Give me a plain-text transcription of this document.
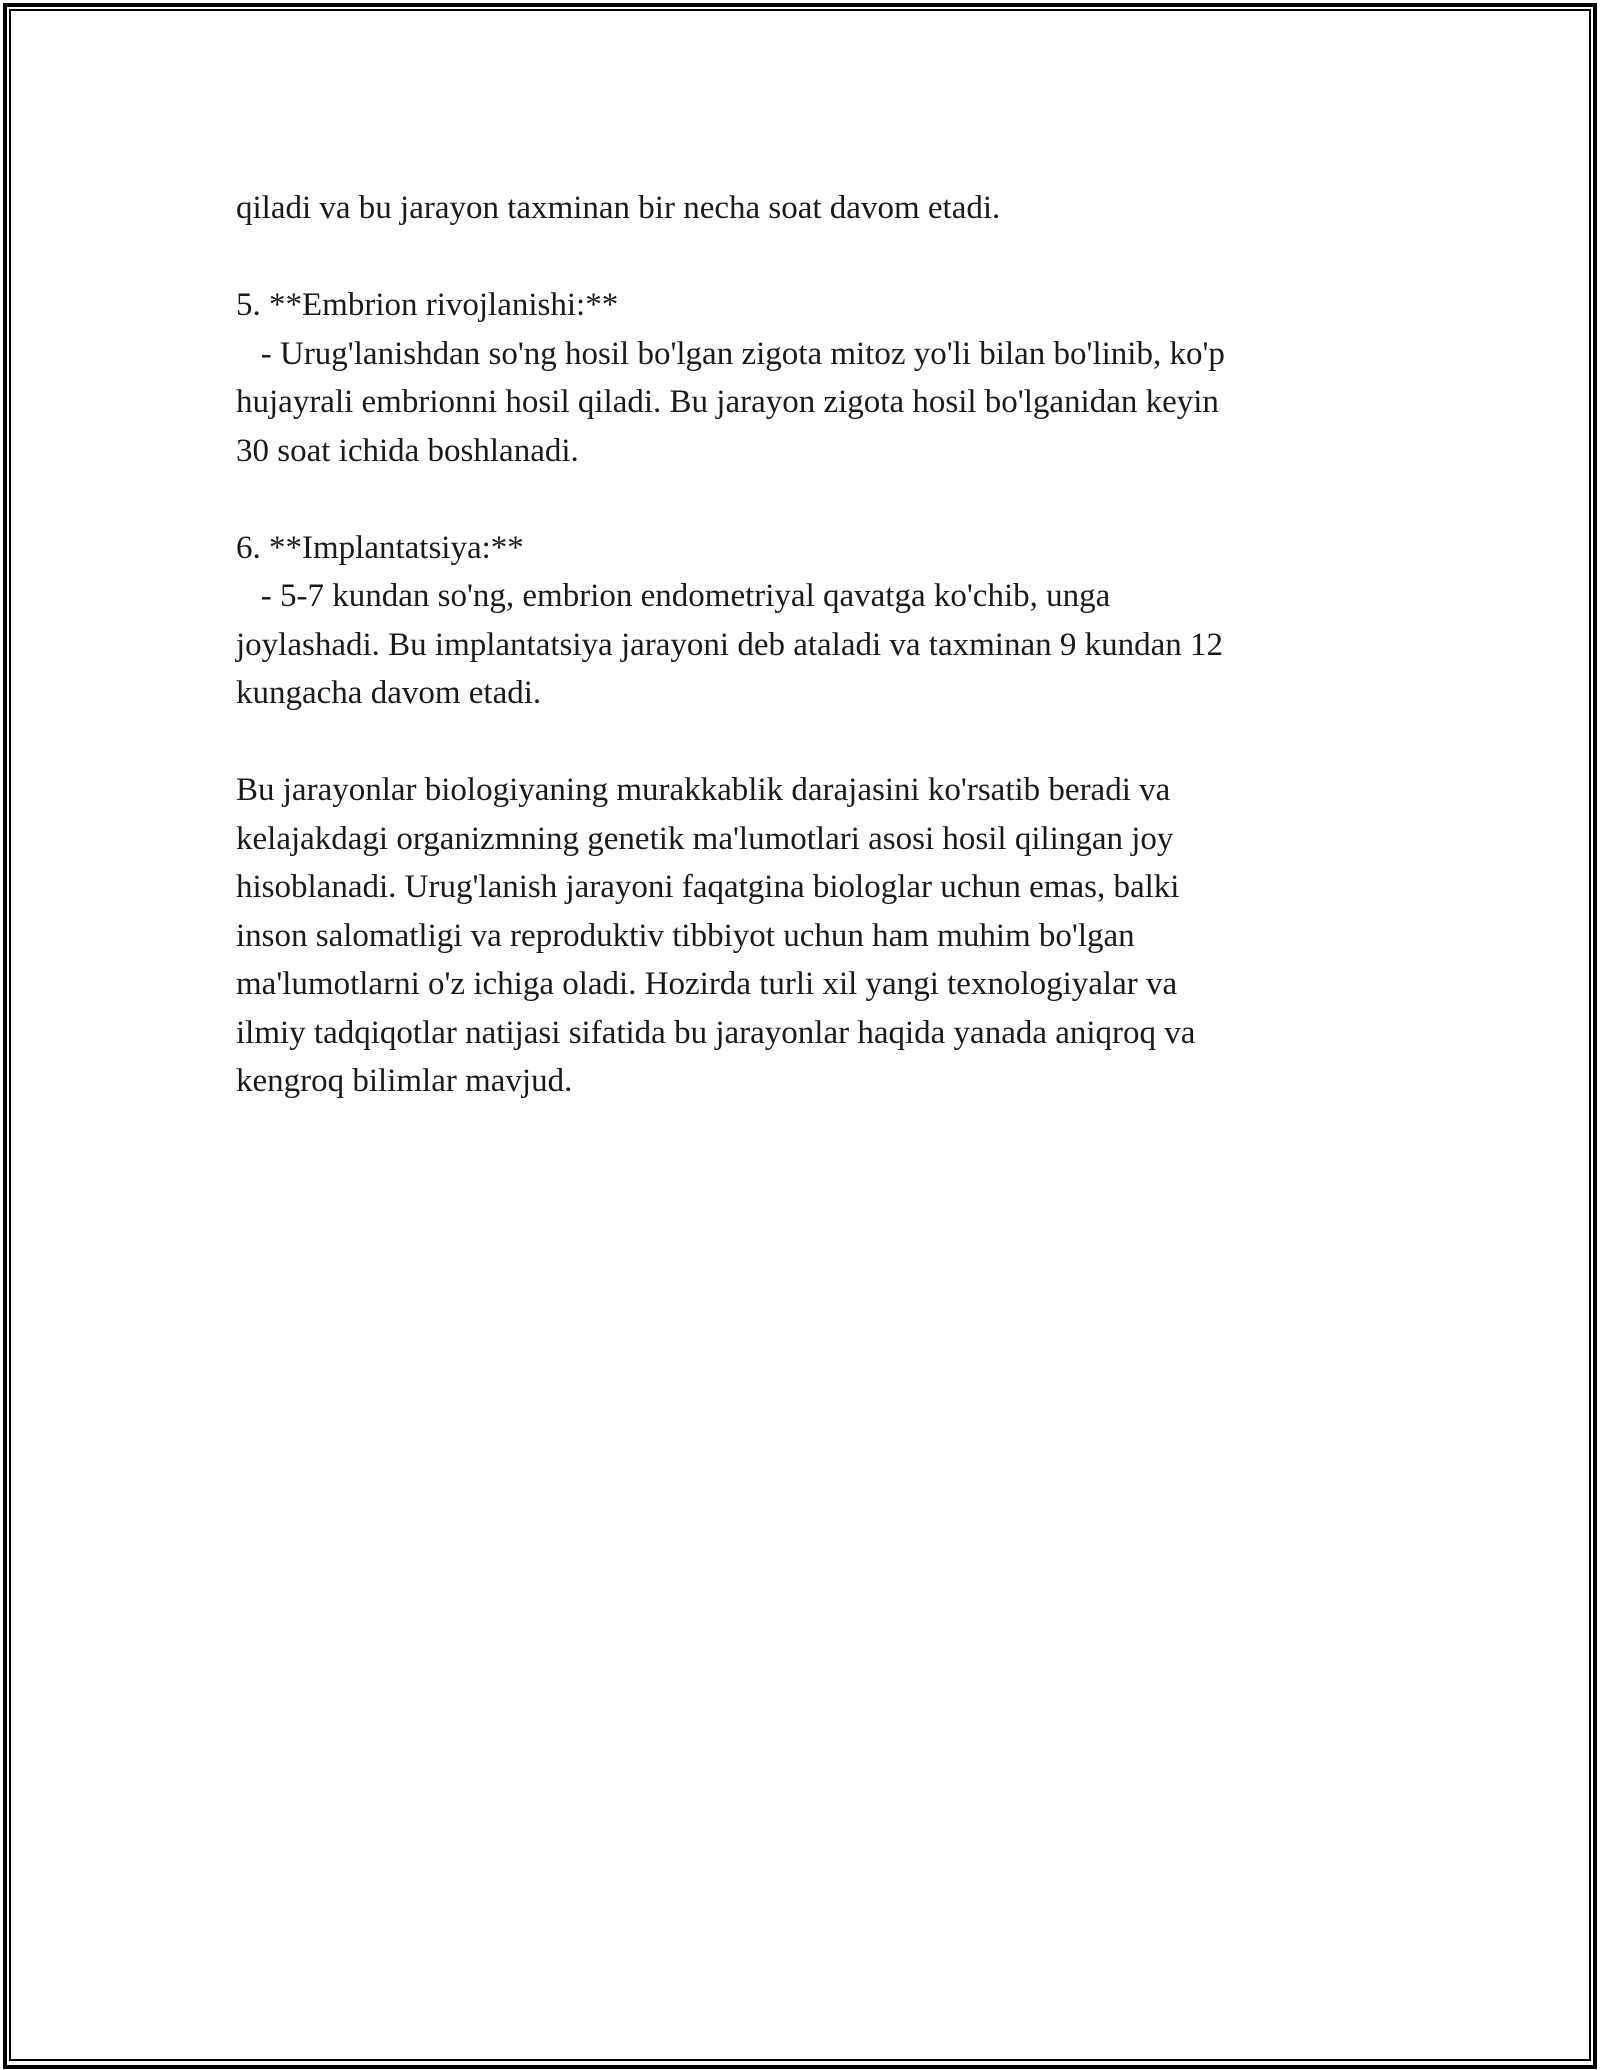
qiladi va bu jarayon taxminan bir necha soat davom etadi.

5. **Embrion rivojlanishi:**
- Urug'lanishdan so'ng hosil bo'lgan zigota mitoz yo'li bilan bo'linib, ko'p
hujayrali embrionni hosil qiladi. Bu jarayon zigota hosil bo'lganidan keyin
30 soat ichida boshlanadi.

6. **Implantatsiya:**
- 5-7 kundan so'ng, embrion endometriyal qavatga ko'chib, unga
joylashadi. Bu implantatsiya jarayoni deb ataladi va taxminan 9 kundan 12
kungacha davom etadi.

Bu jarayonlar biologiyaning murakkablik darajasini ko'rsatib beradi va
kelajakdagi organizmning genetik ma'lumotlari asosi hosil qilingan joy
hisoblanadi. Urug'lanish jarayoni faqatgina biologlar uchun emas, balki
inson salomatligi va reproduktiv tibbiyot uchun ham muhim bo'lgan
ma'lumotlarni o'z ichiga oladi. Hozirda turli xil yangi texnologiyalar va
ilmiy tadqiqotlar natijasi sifatida bu jarayonlar haqida yanada aniqroq va
kengroq bilimlar mavjud.
